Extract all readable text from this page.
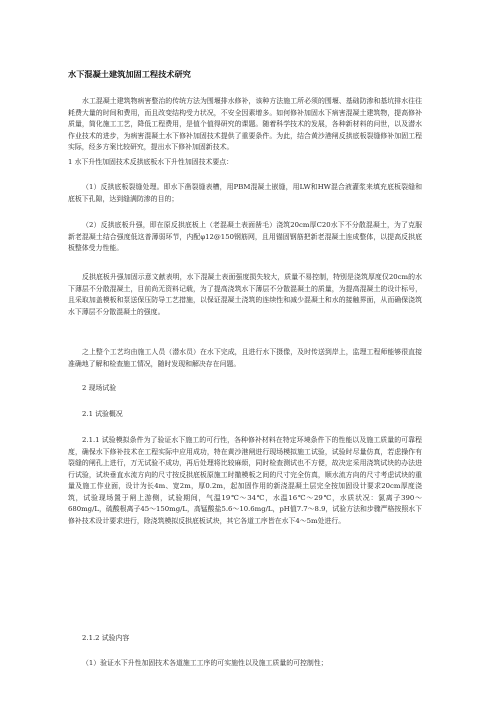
水下混凝土建筑加固工程技术研究
水工混凝土建筑物病害整治的传统方法为围堰排水修补，该种方法施工所必须的围堰、基础防渗和基坑排水往往耗费大量的时间和费用，而且改变结构受力状况，不安全因素增多。如何修补加固水下病害混凝土建筑物，提高修补质量，简化施工工艺，降低工程费用，是值个值得研究的课题。随着科学技术的发展，各种新材料的问世，以及潜水作业技术的进步，为病害混凝土水下修补加固技术提供了重要条件。为此，结合黄沙港闸反拱底板裂缝修补加固工程实际，经多方案比较研究，提出水下修补加固新技术。
1 水下升性加固技术反拱底板水下升性加固技术要点：
（1）反拱底板裂缝处理。即水下凿裂缝表槽，用PBM混凝土嵌缝，用LW和HW混合液灌浆来填充底板裂缝和底板下孔隙，达到缝满防渗的目的；
（2）反拱底板升强，即在原反拱底板上（老混凝土表面凿毛）浇筑20cm厚C20水下不分散混凝土，为了克服新老混凝土结合强度低这普薄弱环节，内配φ12@150钢筋网，且用锚固钢筋把新老混凝土连成整体，以提高反拱底板整体受力性能。
反拱底板升强加固示意文献表明，水下混凝土表面强度损失较大，质量不易控制，特别是浇筑厚度仅20cm的水下薄层不分散混凝土，目前尚无资料记载，为了提高浇筑水下薄层不分散混凝土的质量，为提高混凝土的设计标号，且采取加盖模板和泵送保压防导工艺措施，以保证混凝土浇筑的连续性和减少混凝土和水的接触界面，从而确保浇筑水下薄层不分散混凝土的强度。
之上整个工艺均由施工人员（潜水员）在水下完成，且进行水下摄像，及时传送到岸上，监理工程师能够很直接准确地了解和检查施工情况，随时发现和解决存在问题。
2 现场试验
2.1 试验概况
2.1.1 试验模拟条件为了验证水下施工的可行性，各种修补材料在特定环境条件下的性能以及施工质量的可靠程度，确保水下修补技术在工程实际中应用成功，特在黄沙港闸进行现场模拟施工试验，试验时尽量仿真，若虑操作有裂缝的闸孔上进行，万无试验不成功，再后处理将比较麻烦，同时检查测试也不方便，故决定采用浇筑试块的办法进行试验，试块垂直水流方向的尺寸按反拱底板原施工时撤模板之间的尺寸完全仿真，顺水流方向的尺寸考虑试块的重量及施工作业面，设计为长4m、宽2m，厚0.2m，起加固作用的新浇混凝土层完全按加固设计要求20cm厚度浇筑，试验现场置于闸上游侧，试验期间，气温19℃～34℃，水温16℃～29℃，水质状况：氯离子390～680mg/L，硫酸根离子45～150mg/L，高锰酸盐5.6～10.6mg/L，pH值7.7～8.9，试验方法和步骤严格按照水下修补技术设计要求进行，除浇筑模拟反拱底板试块，其它各道工序皆在水下4～5m处进行。
2.1.2 试验内容
（1）验证水下升性加固技术各道施工工序的可实施性以及施工质量的可控制性；
